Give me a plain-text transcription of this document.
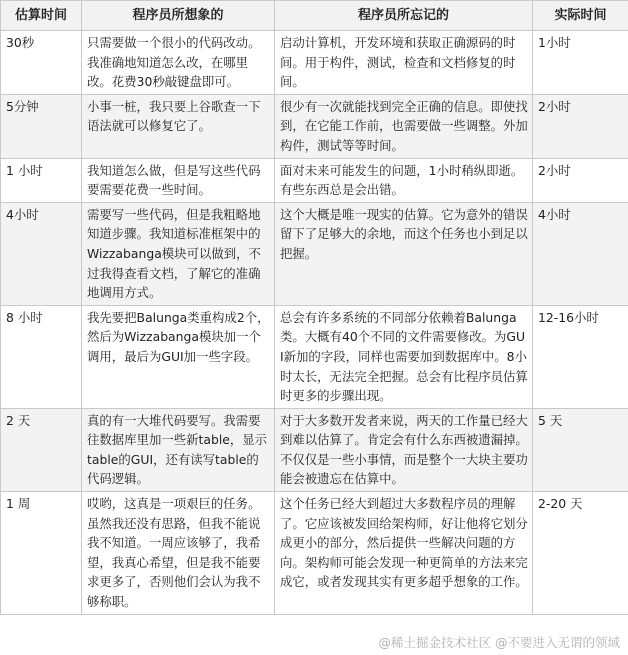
估算时间	程序员所想象的	程序员所忘记的	实际时间
30秒	只需要做一个很小的代码改动。我准确地知道怎么改，在哪里改。花费30秒敲键盘即可。	启动计算机，开发环境和获取正确源码的时间。用于构件，测试，检查和文档修复的时间。	1小时
5分钟	小事一桩，我只要上谷歌查一下语法就可以修复它了。	很少有一次就能找到完全正确的信息。即使找到，在它能工作前，也需要做一些调整。外加构件，测试等等时间。	2小时
1 小时	我知道怎么做，但是写这些代码要需要花费一些时间。	面对未来可能发生的问题，1小时稍纵即逝。有些东西总是会出错。	2小时
4小时	需要写一些代码，但是我粗略地知道步骤。我知道标准框架中的Wizzabanga模块可以做到，不过我得查看文档，了解它的准确地调用方式。	这个大概是唯一现实的估算。它为意外的错误留下了足够大的余地，而这个任务也小到足以把握。	4小时
8 小时	我先要把Balunga类重构成2个，然后为Wizzabanga模块加一个调用，最后为GUI加一些字段。	总会有许多系统的不同部分依赖着Balunga类。大概有40个不同的文件需要修改。为GUI新加的字段，同样也需要加到数据库中。8小时太长，无法完全把握。总会有比程序员估算时更多的步骤出现。	12-16小时
2 天	真的有一大堆代码要写。我需要往数据库里加一些新table，显示table的GUI，还有读写table的代码逻辑。	对于大多数开发者来说，两天的工作量已经大到难以估算了。肯定会有什么东西被遗漏掉。不仅仅是一些小事情，而是整个一大块主要功能会被遗忘在估算中。	5 天
1 周	哎哟，这真是一项艰巨的任务。虽然我还没有思路，但我不能说我不知道。一周应该够了，我希望，我真心希望，但是我不能要求更多了，否则他们会认为我不够称职。	这个任务已经大到超过大多数程序员的理解了。它应该被发回给架构师，好让他将它划分成更小的部分，然后提供一些解决问题的方向。架构师可能会发现一种更简单的方法来完成它，或者发现其实有更多超乎想象的工作。	2-20 天
@稀土掘金技术社区 @不要进入无谓的领域
